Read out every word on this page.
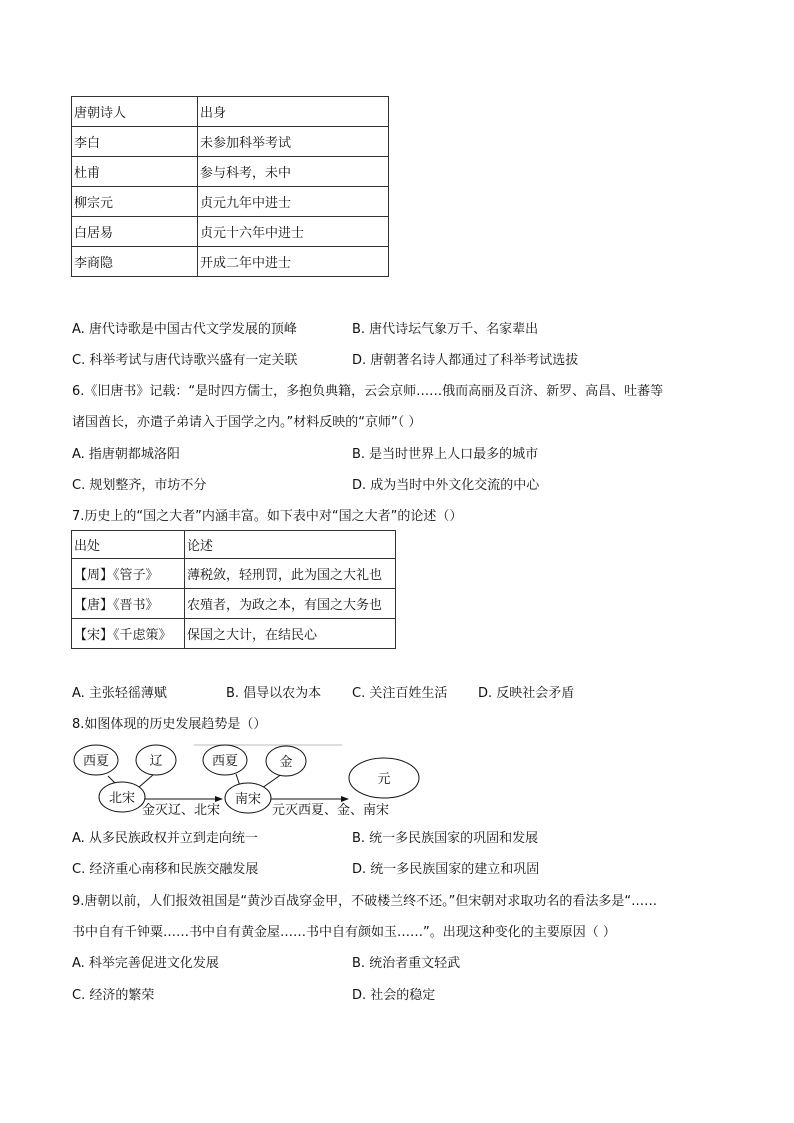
唐朝诗人	出身
李白	未参加科举考试
杜甫	参与科考，未中
柳宗元	贞元九年中进士
白居易	贞元十六年中进士
李商隐	开成二年中进士
A. 唐代诗歌是中国古代文学发展的顶峰	B. 唐代诗坛气象万千、名家辈出
C. 科举考试与唐代诗歌兴盛有一定关联	D. 唐朝著名诗人都通过了科举考试选拔
6.《旧唐书》记载：“是时四方儒士，多抱负典籍，云会京师……俄而高丽及百济、新罗、高昌、吐蕃等
诸国酋长，亦遣子弟请入于国学之内。”材料反映的“京师”（ ）
A. 指唐朝都城洛阳	B. 是当时世界上人口最多的城市
C. 规划整齐，市坊不分	D. 成为当时中外文化交流的中心
7.历史上的“国之大者”内涵丰富。如下表中对“国之大者”的论述（）
出处	论述
【周】《管子》	薄税敛，轻刑罚，此为国之大礼也
【唐】《晋书》	农殖者，为政之本，有国之大务也
【宋】《千虑策》	保国之大计，在结民心
A. 主张轻徭薄赋	B. 倡导以农为本 C. 关注百姓生活 D. 反映社会矛盾
8.如图体现的历史发展趋势是（）
西夏	辽
北宋
西夏	金
南宋
元
金灭辽、北宋	元灭西夏、金、南宋
A. 从多民族政权并立到走向统一	B. 统一多民族国家的巩固和发展
C. 经济重心南移和民族交融发展	D. 统一多民族国家的建立和巩固
9.唐朝以前，人们报效祖国是“黄沙百战穿金甲，不破楼兰终不还。”但宋朝对求取功名的看法多是“……
书中自有千钟粟……书中自有黄金屋……书中自有颜如玉……”。出现这种变化的主要原因（ ）
A. 科举完善促进文化发展	B. 统治者重文轻武
C. 经济的繁荣	D. 社会的稳定
